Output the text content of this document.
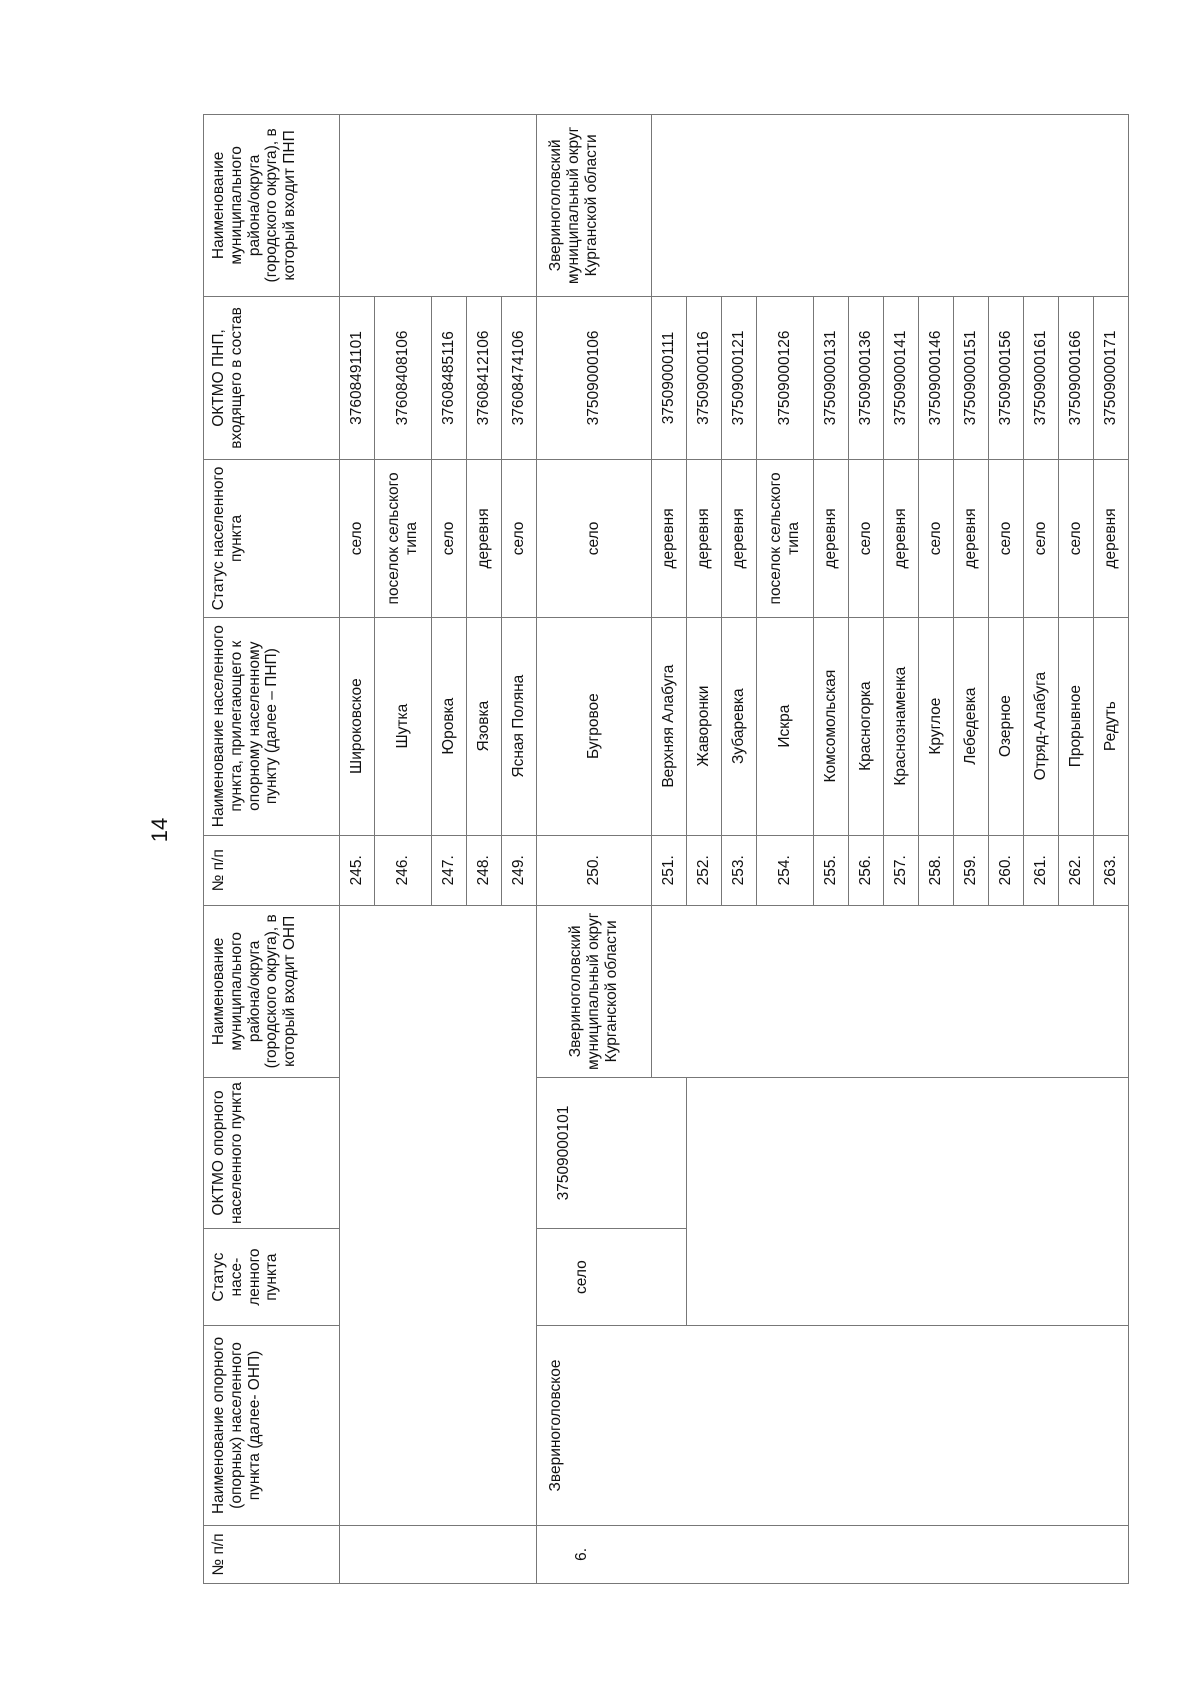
14
№ п/п	Наименование опорного (опорных) населенного пункта (далее- ОНП)	Статус насе-ленного пункта	ОКТМО опорного населенного пункта	Наименование муниципального района/округа (городского округа), в который входит ОНП	№ п/п	Наименование населенного пункта, прилегающего к опорному населенному пункту (далее – ПНП)	Статус населенного пункта	ОКТМО ПНП, входящего в состав	Наименование муниципального района/округа (городского округа), в который входит ПНП
					245.	Широковское	село	37608491101	
					246.	Шутка	поселок сельского типа	37608408106	
					247.	Юровка	село	37608485116	
					248.	Язовка	деревня	37608412106	
					249.	Ясная Поляна	село	37608474106	
6.	Звериноголовское	село	37509000101	Звериноголовский муниципальный округ Курганской области	250.	Бугровое	село	37509000106	Звериноголовский муниципальный округ Курганской области
					251.	Верхняя Алабуга	деревня	37509000111	
					252.	Жаворонки	деревня	37509000116	
					253.	Зубаревка	деревня	37509000121	
					254.	Искра	поселок сельского типа	37509000126	
					255.	Комсомольская	деревня	37509000131	
					256.	Красногорка	село	37509000136	
					257.	Краснознаменка	деревня	37509000141	
					258.	Круглое	село	37509000146	
					259.	Лебедевка	деревня	37509000151	
					260.	Озерное	село	37509000156	
					261.	Отряд-Алабуга	село	37509000161	
					262.	Прорывное	село	37509000166	
					263.	Редуть	деревня	37509000171	
